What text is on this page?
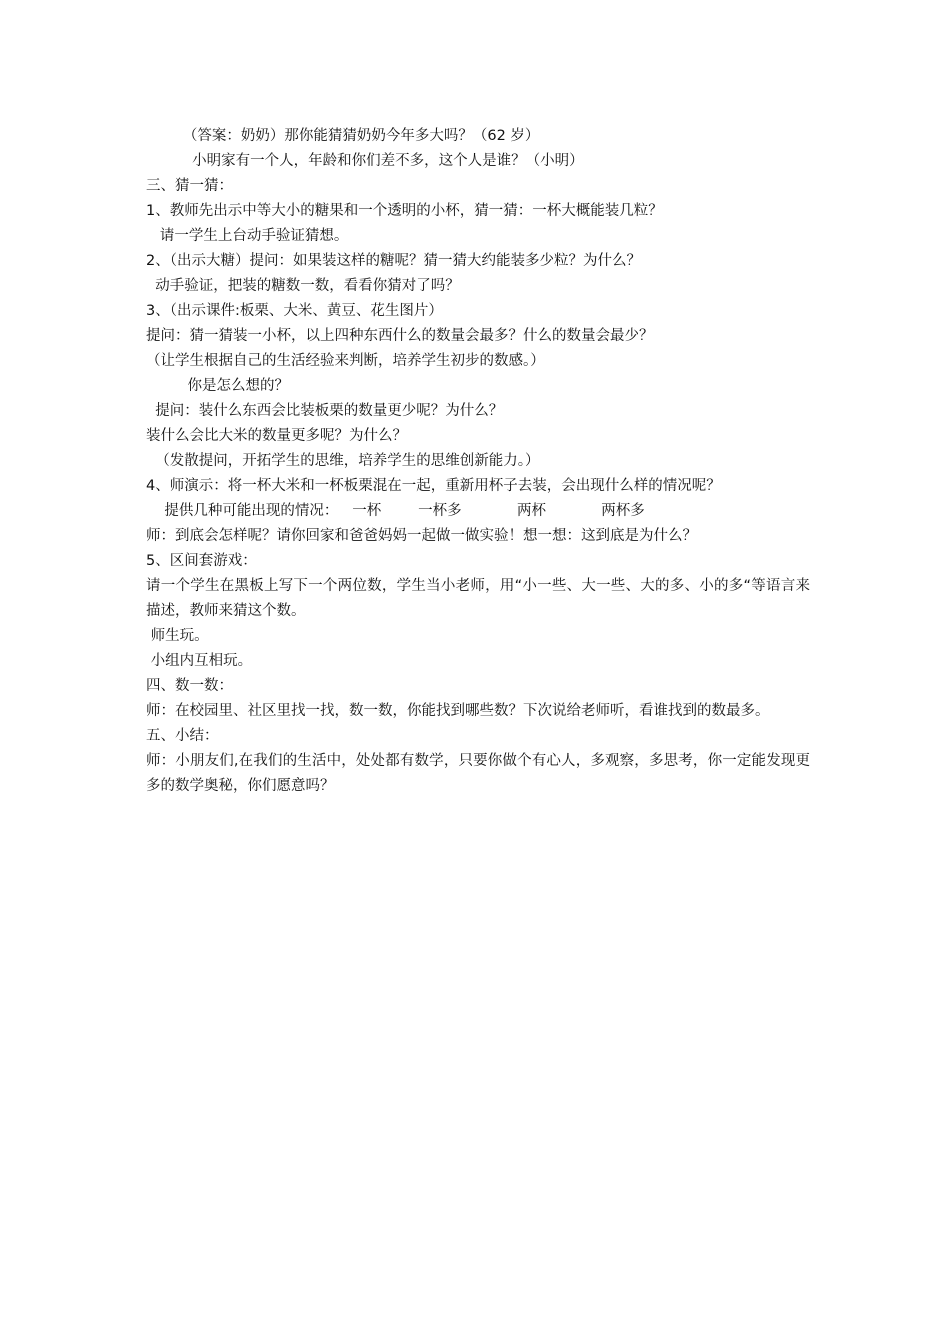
（答案：奶奶）那你能猜猜奶奶今年多大吗？（62 岁）

小明家有一个人，年龄和你们差不多，这个人是谁？（小明）

三、猜一猜：

1、教师先出示中等大小的糖果和一个透明的小杯，猜一猜：一杯大概能装几粒？

请一学生上台动手验证猜想。

2、（出示大糖）提问：如果装这样的糖呢？猜一猜大约能装多少粒？为什么？

动手验证，把装的糖数一数，看看你猜对了吗？

3、（出示课件:板栗、大米、黄豆、花生图片）

提问：猜一猜装一小杯，以上四种东西什么的数量会最多？什么的数量会最少？

（让学生根据自己的生活经验来判断，培养学生初步的数感。）

你是怎么想的？

提问：装什么东西会比装板栗的数量更少呢？为什么？

装什么会比大米的数量更多呢？为什么？

（发散提问，开拓学生的思维，培养学生的思维创新能力。）

4、师演示：将一杯大米和一杯板栗混在一起，重新用杯子去装，会出现什么样的情况呢？

提供几种可能出现的情况：   一杯        一杯多            两杯            两杯多

师：到底会怎样呢？请你回家和爸爸妈妈一起做一做实验！想一想：这到底是为什么？

5、区间套游戏：

请一个学生在黑板上写下一个两位数，学生当小老师，用“小一些、大一些、大的多、小的多“等语言来描述，教师来猜这个数。

师生玩。

小组内互相玩。

四、数一数：

师：在校园里、社区里找一找，数一数，你能找到哪些数？下次说给老师听，看谁找到的数最多。

五、小结：

师：小朋友们,在我们的生活中，处处都有数学，只要你做个有心人，多观察，多思考，你一定能发现更多的数学奥秘，你们愿意吗？
